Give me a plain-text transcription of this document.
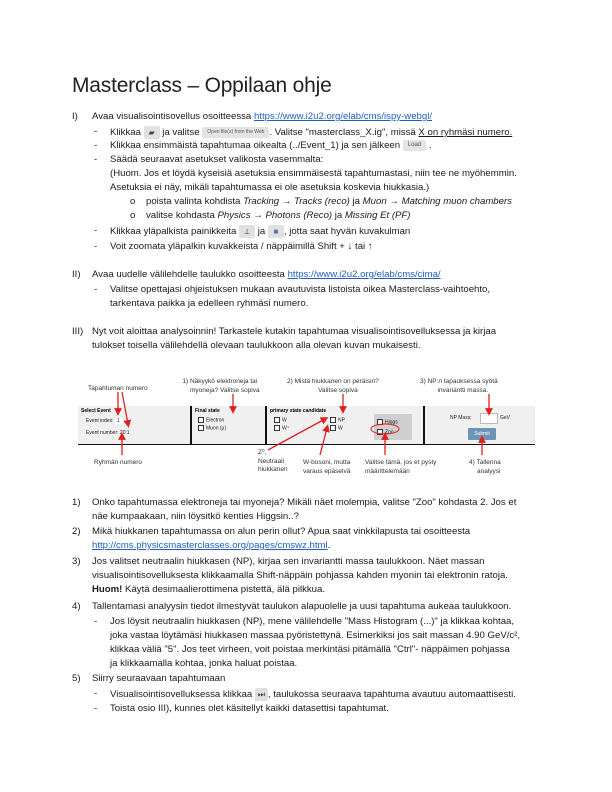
Masterclass – Oppilaan ohje
I) Avaa visualisointisovellus osoitteessa https://www.i2u2.org/elab/cms/ispy-webgl/
- Klikkaa ▰ ja valitse Open file(s) from the Web . Valitse "masterclass_X.ig", missä X on ryhmäsi numero.
- Klikkaa ensimmäistä tapahtumaa oikealta (../Event_1) ja sen jälkeen Load .
- Säädä seuraavat asetukset valikosta vasemmalta:
(Huom. Jos et löydä kyseisiä asetuksia ensimmäisestä tapahtumastasi, niin tee ne myöhemmin.
Asetuksia ei näy, mikäli tapahtumassa ei ole asetuksia koskevia hiukkasia.)
o poista valinta kohdista Tracking → Tracks (reco) ja Muon → Matching muon chambers
o valitse kohdasta Physics → Photons (Reco) ja Missing Et (PF)
- Klikkaa yläpalkista painikkeita ⟂ ja ■ , jotta saat hyvän kuvakulman
- Voit zoomata yläpalkin kuvakkeista / näppäimillä Shift + ↓ tai ↑
II) Avaa uudelle välilehdelle taulukko osoitteesta https://www.i2u2.org/elab/cms/cima/
- Valitse opettajasi ohjeistuksen mukaan avautuvista listoista oikea Masterclass-vaihtoehto,
tarkentava paikka ja edelleen ryhmäsi numero.
III) Nyt voit aloittaa analysoinnin! Tarkastele kutakin tapahtumaa visualisointisovelluksessa ja kirjaa
tulokset toisella välilehdellä olevaan taulukkoon alla olevan kuvan mukaisesti.
Tapahtuman numero
1) Näkyykö elektroneja tai
myoneja? Valitse sopiva
2) Mistä hiukkanen on peräisin?
Valitse sopiva
3) NP:n tapauksessa syötä
invariantti massa.
Select Event
Event index: 1
Event number: 20:1
Final state
Electron
Muon (μ)
primary state candidate
W
W⁺
NP
W
Higgs
Zoo
NP Mass:	GeV
Submit
Ryhmän numero
Z⁰,
Neutraali
hiukkanen
W-bosoni, mutta
varaus epäselvä
Valitse tämä, jos et pysty
määrittelemään
4) Tallenna
analyysi
1) Onko tapahtumassa elektroneja tai myoneja? Mikäli näet molempia, valitse "Zoo" kohdasta 2. Jos et
näe kumpaakaan, niin löysitkö kenties Higgsin..?
2) Mikä hiukkanen tapahtumassa on alun perin ollut? Apua saat vinkkilapusta tai osoitteesta
http://cms.physicsmasterclasses.org/pages/cmswz.html.
3) Jos valitset neutraalin hiukkasen (NP), kirjaa sen invariantti massa taulukkoon. Näet massan
visualisointisovelluksesta klikkaamalla Shift-näppäin pohjassa kahden myonin tai elektronin ratoja.
Huom! Käytä desimaalierottimena pistettä, älä pilkkua.
4) Tallentamasi analyysin tiedot ilmestyvät taulukon alapuolelle ja uusi tapahtuma aukeaa taulukkoon.
- Jos löysit neutraalin hiukkasen (NP), mene välilehdelle "Mass Histogram (...)" ja klikkaa kohtaa,
joka vastaa löytämäsi hiukkasen massaa pyöristettynä. Esimerkiksi jos sait massan 4.90 GeV/c²,
klikkaa väliä "5". Jos teet virheen, voit poistaa merkintäsi pitämällä "Ctrl"- näppäimen pohjassa
ja klikkaamalla kohtaa, jonka haluat poistaa.
5) Siirry seuraavaan tapahtumaan
- Visualisointisovelluksessa klikkaa ⏭ , taulukossa seuraava tapahtuma avautuu automaattisesti.
- Toista osio III), kunnes olet käsitellyt kaikki datasettisi tapahtumat.
